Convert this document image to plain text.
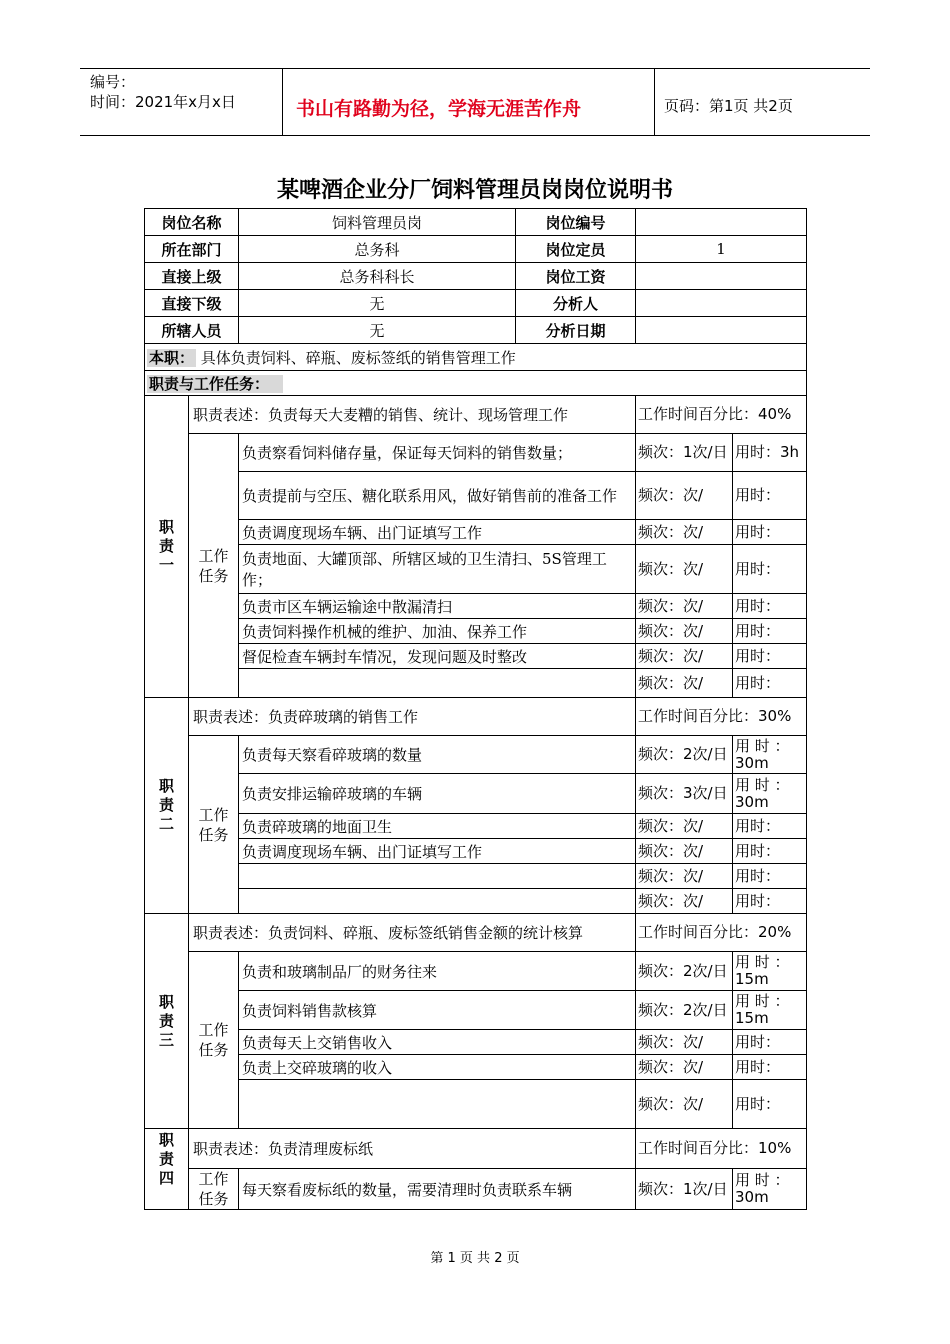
编号：
时间：2021年x月x日	书山有路勤为径，学海无涯苦作舟	页码：第1页 共2页
某啤酒企业分厂饲料管理员岗岗位说明书
岗位名称		饲料管理员岗	岗位编号		
所在部门		总务科	岗位定员	1	
直接上级		总务科科长	岗位工资		
直接下级		无	分析人		
所辖人员		无	分析日期		
本职： 具体负责饲料、碎瓶、废标签纸的销售管理工作					
职责与工作任务：					
职
责
一	职责表述：负责每天大麦糟的销售、统计、现场管理工作			工作时间百分比：40%	
	工作
任务	负责察看饲料储存量，保证每天饲料的销售数量；		频次：1次/日	用时：3h
		负责提前与空压、糖化联系用风，做好销售前的准备工作		频次：次/	用时：
		负责调度现场车辆、出门证填写工作		频次：次/	用时：
		负责地面、大罐顶部、所辖区域的卫生清扫、5S管理工作；		频次：次/	用时：
		负责市区车辆运输途中散漏清扫		频次：次/	用时：
		负责饲料操作机械的维护、加油、保养工作		频次：次/	用时：
		督促检查车辆封车情况，发现问题及时整改		频次：次/	用时：
				频次：次/	用时：
职
责
二	职责表述：负责碎玻璃的销售工作			工作时间百分比：30%	
	工作
任务	负责每天察看碎玻璃的数量		频次：2次/日	用 时 ：30m
		负责安排运输碎玻璃的车辆		频次：3次/日	用 时 ：30m
		负责碎玻璃的地面卫生		频次：次/	用时：
		负责调度现场车辆、出门证填写工作		频次：次/	用时：
				频次：次/	用时：
				频次：次/	用时：
职
责
三	职责表述：负责饲料、碎瓶、废标签纸销售金额的统计核算			工作时间百分比：20%	
	工作
任务	负责和玻璃制品厂的财务往来		频次：2次/日	用 时 ：15m
		负责饲料销售款核算		频次：2次/日	用 时 ：15m
		负责每天上交销售收入		频次：次/	用时：
		负责上交碎玻璃的收入		频次：次/	用时：
				频次：次/	用时：
职
责
四	职责表述：负责清理废标纸			工作时间百分比：10%	
	工作
任务	每天察看废标纸的数量，需要清理时负责联系车辆		频次：1次/日	用 时 ：30m
第 1 页 共 2 页
